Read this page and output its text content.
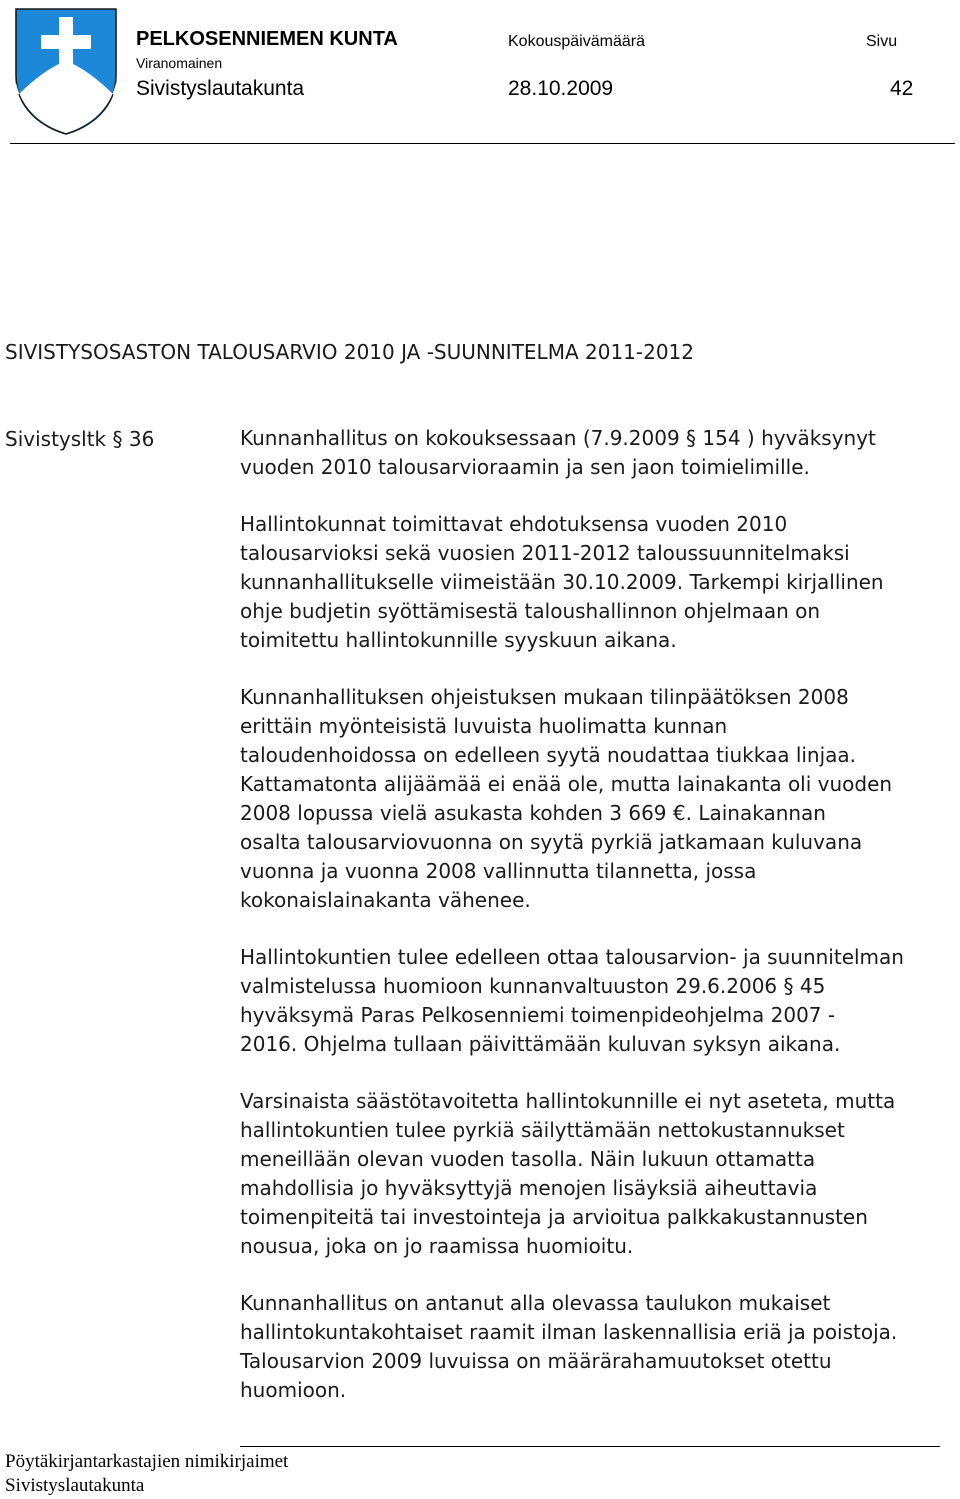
PELKOSENNIEMEN KUNTA
Viranomainen
Sivistyslautakunta
Kokouspäivämäärä
28.10.2009
Sivu
42
SIVISTYSOSASTON TALOUSARVIO 2010 JA -SUUNNITELMA 2011-2012
Sivistysltk § 36	Kunnanhallitus on kokouksessaan (7.9.2009 § 154 ) hyväksynyt
vuoden 2010 talousarvioraamin ja sen jaon toimielimille.

Hallintokunnat toimittavat ehdotuksensa vuoden 2010
talousarvioksi sekä vuosien 2011-2012 taloussuunnitelmaksi
kunnanhallitukselle viimeistään 30.10.2009. Tarkempi kirjallinen
ohje budjetin syöttämisestä taloushallinnon ohjelmaan on
toimitettu hallintokunnille syyskuun aikana.

Kunnanhallituksen ohjeistuksen mukaan tilinpäätöksen 2008
erittäin myönteisistä luvuista huolimatta kunnan
taloudenhoidossa on edelleen syytä noudattaa tiukkaa linjaa.
Kattamatonta alijäämää ei enää ole, mutta lainakanta oli vuoden
2008 lopussa vielä asukasta kohden 3 669 €. Lainakannan
osalta talousarviovuonna on syytä pyrkiä jatkamaan kuluvana
vuonna ja vuonna 2008 vallinnutta tilannetta, jossa
kokonaislainakanta vähenee.

Hallintokuntien tulee edelleen ottaa talousarvion- ja suunnitelman
valmistelussa huomioon kunnanvaltuuston 29.6.2006 § 45
hyväksymä Paras Pelkosenniemi toimenpideohjelma 2007 -
2016. Ohjelma tullaan päivittämään kuluvan syksyn aikana.

Varsinaista säästötavoitetta hallintokunnille ei nyt aseteta, mutta
hallintokuntien tulee pyrkiä säilyttämään nettokustannukset
meneillään olevan vuoden tasolla. Näin lukuun ottamatta
mahdollisia jo hyväksyttyjä menojen lisäyksiä aiheuttavia
toimenpiteitä tai investointeja ja arvioitua palkkakustannusten
nousua, joka on jo raamissa huomioitu.

Kunnanhallitus on antanut alla olevassa taulukon mukaiset
hallintokuntakohtaiset raamit ilman laskennallisia eriä ja poistoja.
Talousarvion 2009 luvuissa on määrärahamuutokset otettu
huomioon.

Pöytäkirjantarkastajien nimikirjaimet
Sivistyslautakunta
